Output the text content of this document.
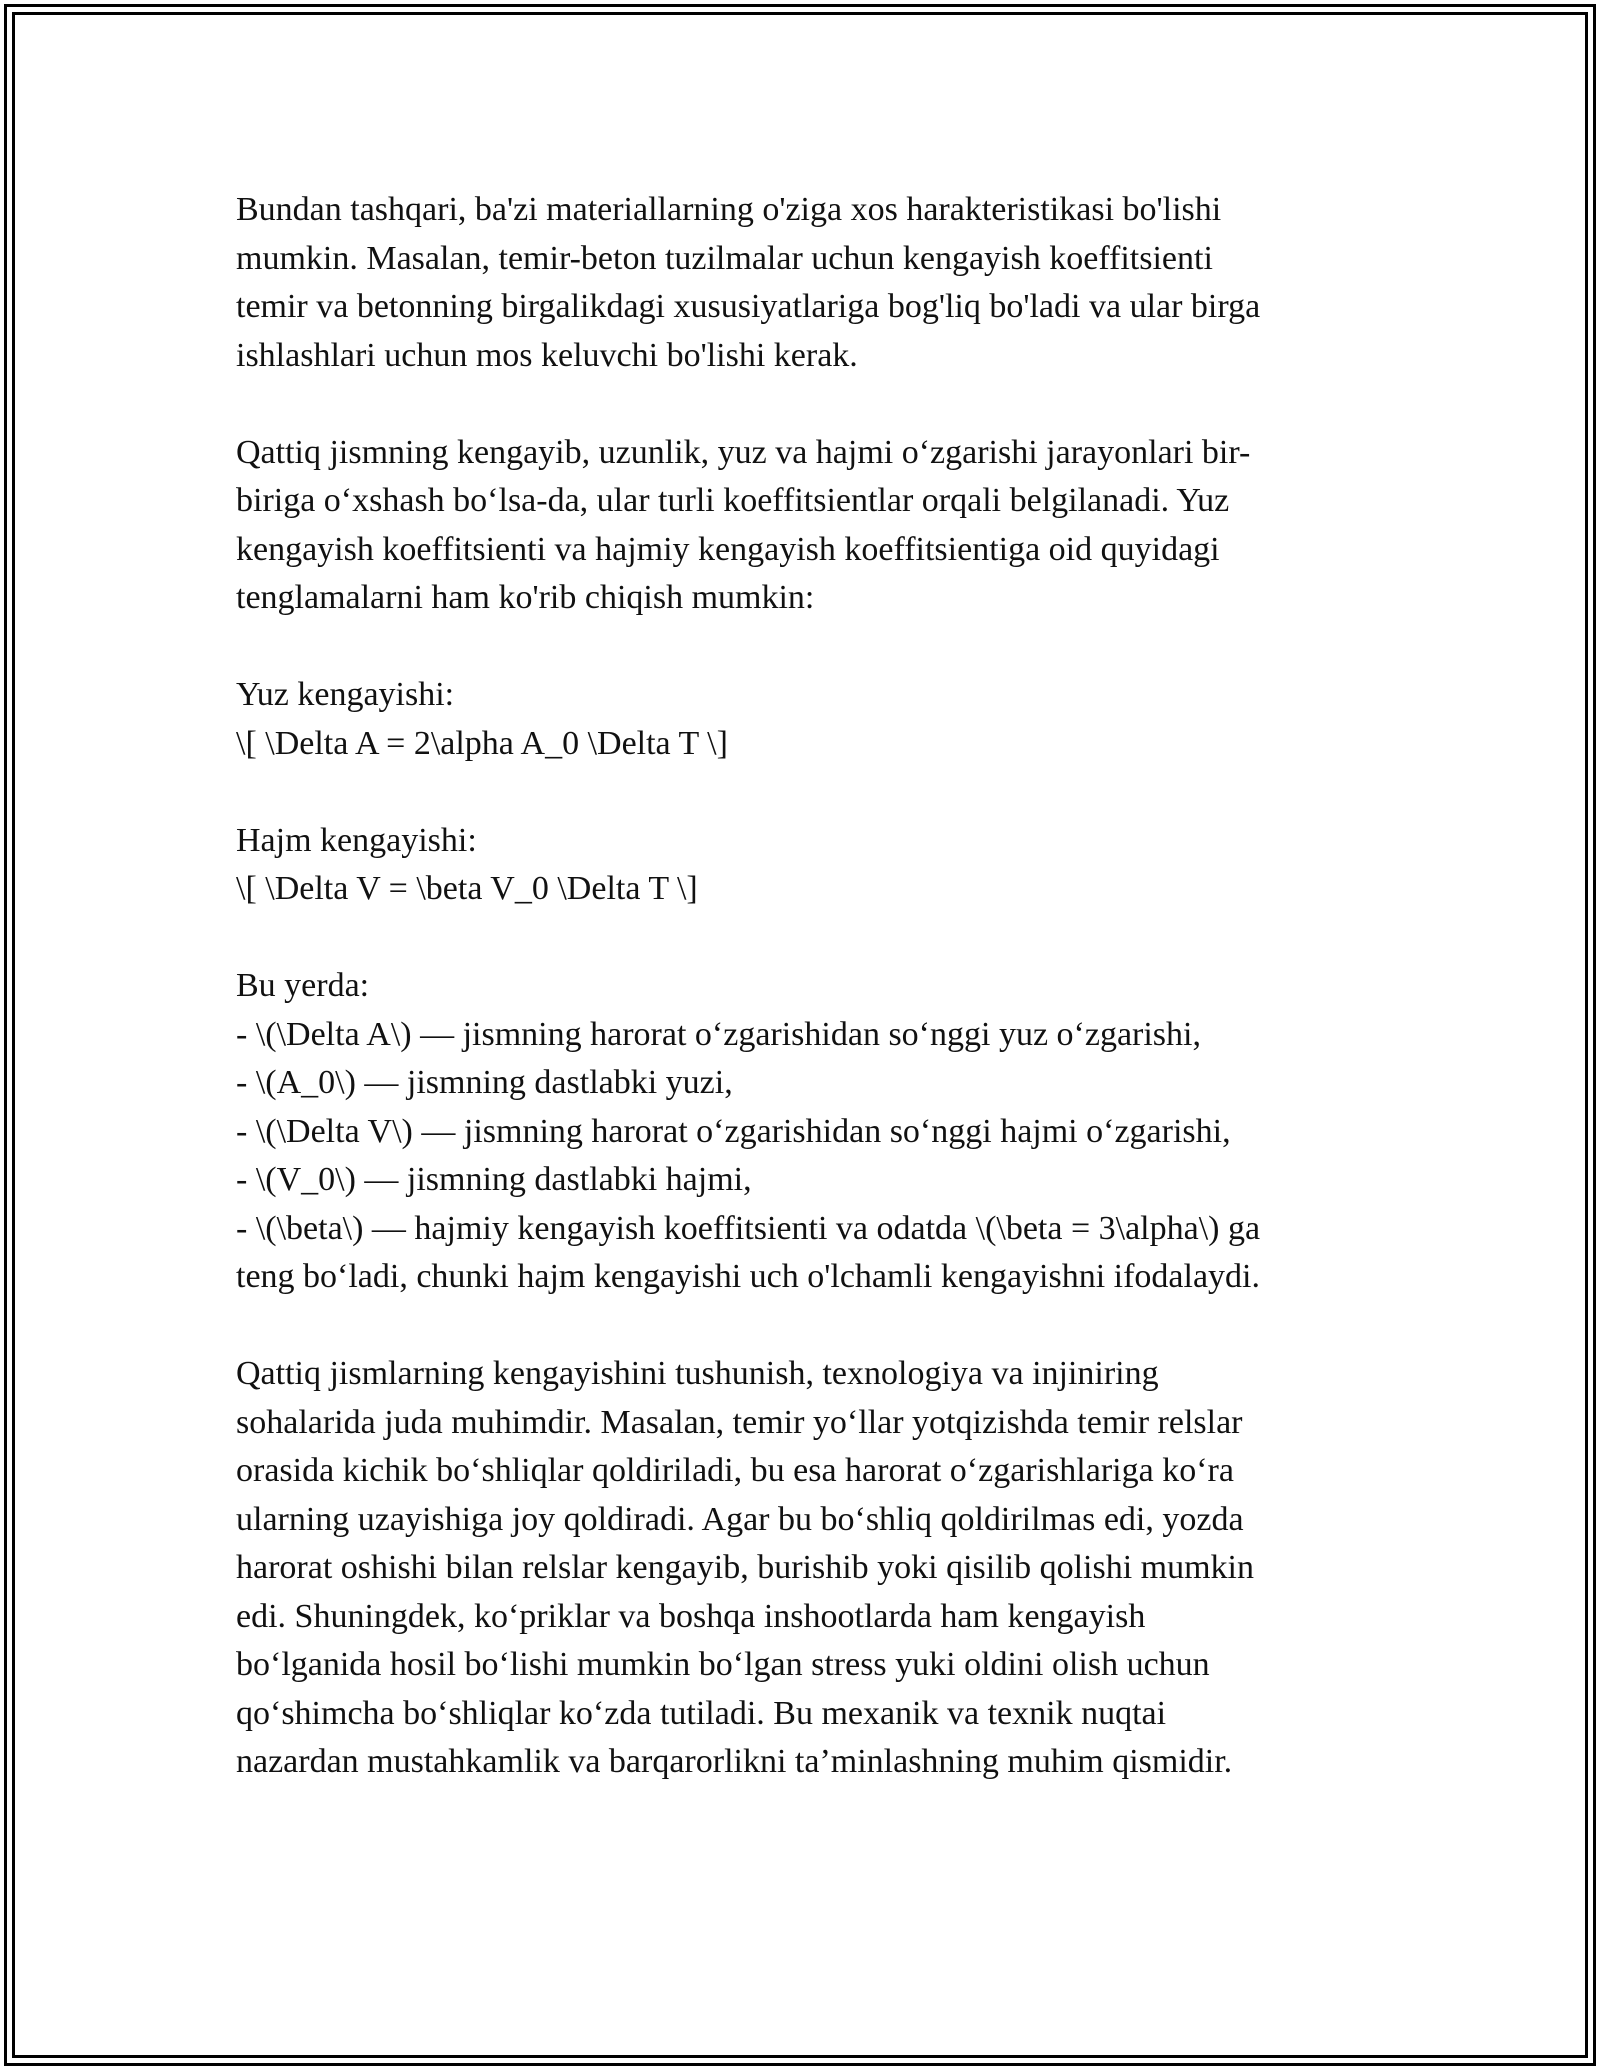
Bundan tashqari, ba'zi materiallarning o'ziga xos harakteristikasi bo'lishi
mumkin. Masalan, temir-beton tuzilmalar uchun kengayish koeffitsienti
temir va betonning birgalikdagi xususiyatlariga bog'liq bo'ladi va ular birga
ishlashlari uchun mos keluvchi bo'lishi kerak.

Qattiq jismning kengayib, uzunlik, yuz va hajmi o‘zgarishi jarayonlari bir-
biriga o‘xshash bo‘lsa-da, ular turli koeffitsientlar orqali belgilanadi. Yuz
kengayish koeffitsienti va hajmiy kengayish koeffitsientiga oid quyidagi
tenglamalarni ham ko'rib chiqish mumkin:

Yuz kengayishi:
\[ \Delta A = 2\alpha A_0 \Delta T \]

Hajm kengayishi:
\[ \Delta V = \beta V_0 \Delta T \]

Bu yerda:
- \(\Delta A\) — jismning harorat o‘zgarishidan so‘nggi yuz o‘zgarishi,
- \(A_0\) — jismning dastlabki yuzi,
- \(\Delta V\) — jismning harorat o‘zgarishidan so‘nggi hajmi o‘zgarishi,
- \(V_0\) — jismning dastlabki hajmi,
- \(\beta\) — hajmiy kengayish koeffitsienti va odatda \(\beta = 3\alpha\) ga
teng bo‘ladi, chunki hajm kengayishi uch o'lchamli kengayishni ifodalaydi.

Qattiq jismlarning kengayishini tushunish, texnologiya va injiniring
sohalarida juda muhimdir. Masalan, temir yo‘llar yotqizishda temir relslar
orasida kichik bo‘shliqlar qoldiriladi, bu esa harorat o‘zgarishlariga ko‘ra
ularning uzayishiga joy qoldiradi. Agar bu bo‘shliq qoldirilmas edi, yozda
harorat oshishi bilan relslar kengayib, burishib yoki qisilib qolishi mumkin
edi. Shuningdek, ko‘priklar va boshqa inshootlarda ham kengayish
bo‘lganida hosil bo‘lishi mumkin bo‘lgan stress yuki oldini olish uchun
qo‘shimcha bo‘shliqlar ko‘zda tutiladi. Bu mexanik va texnik nuqtai
nazardan mustahkamlik va barqarorlikni ta’minlashning muhim qismidir.
